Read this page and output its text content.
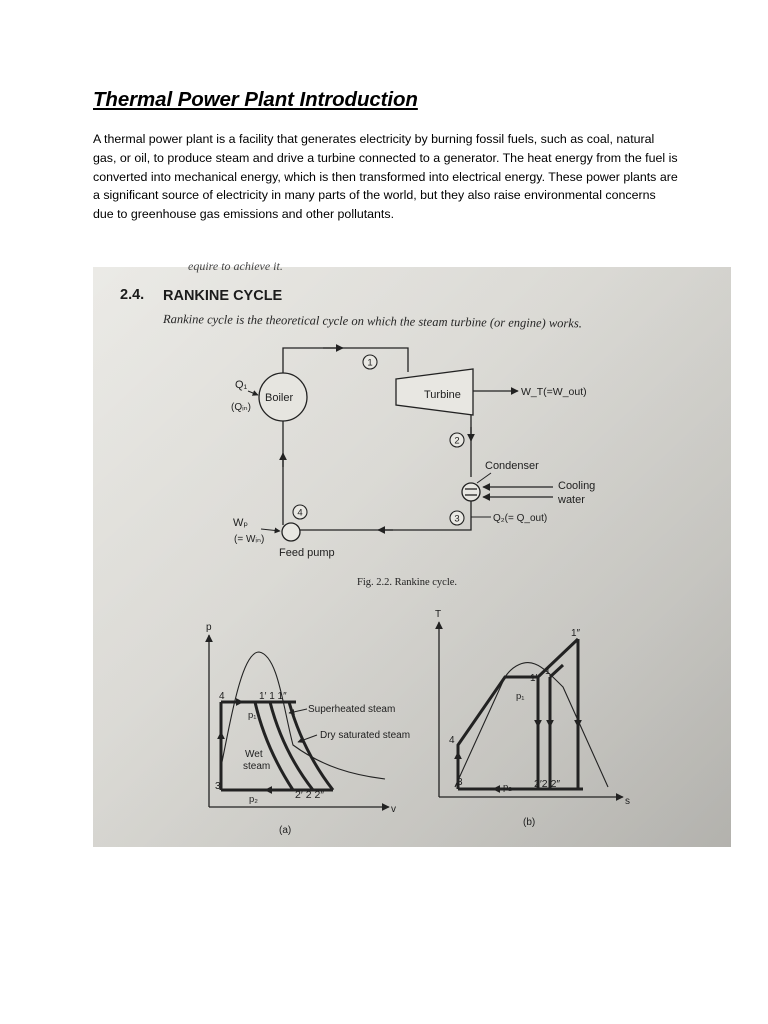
Thermal Power Plant Introduction

A thermal power plant is a facility that generates electricity by burning fossil fuels, such as coal, natural gas, or oil, to produce steam and drive a turbine connected to a generator. The heat energy from the fuel is converted into mechanical energy, which is then transformed into electrical energy. These power plants are a significant source of electricity in many parts of the world, but they also raise environmental concerns due to greenhouse gas emissions and other pollutants.

equire to achieve it.
2.4. RANKINE CYCLE
Rankine cycle is the theoretical cycle on which the steam turbine (or engine) works.
1
2
3
4
Q₁
(Qᵢₙ)
Boiler	Turbine	W_T(=W_out)
Condenser
Cooling
water
Q₂(= Q_out)
Wₚ
(= Wᵢₙ)
Feed pump
Fig. 2.2. Rankine cycle.
p
v
p₁
p₂
4
3
1′ 1 1″
2′ 2 2″
Superheated steam
Dry saturated steam
Wet
steam
(a)
T
s
p₁
p₂
4
3
1″
1′
1
2′2 2″
(b)
